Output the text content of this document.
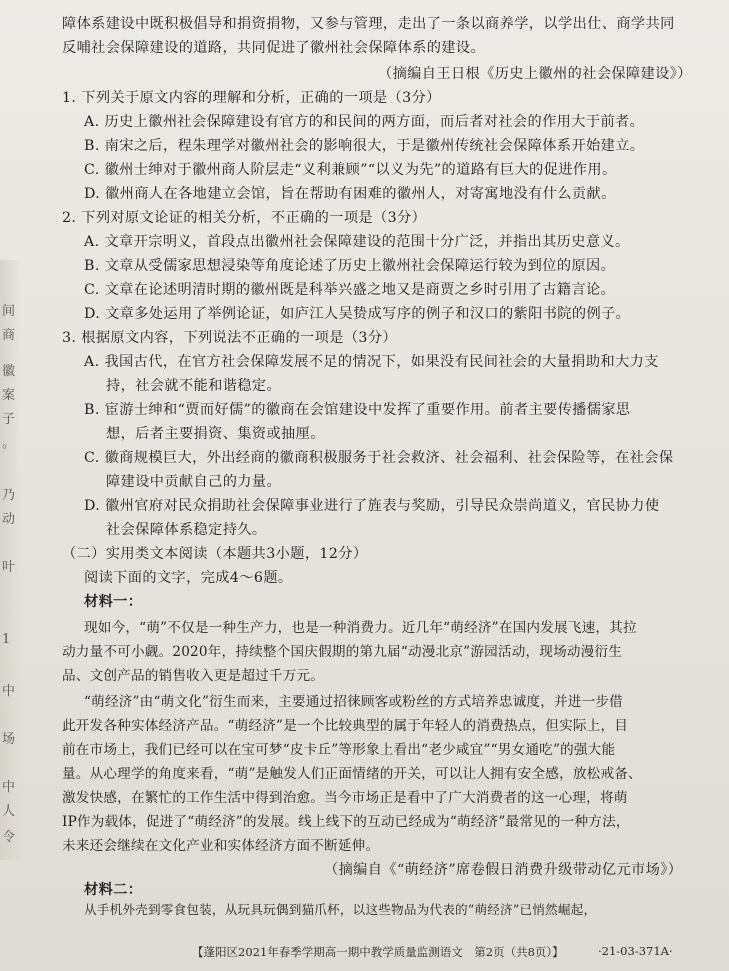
间
商
徽
案
子
。
乃
动
叶
1
中
场
中
人
令
障体系建设中既积极倡导和捐资捐物，又参与管理，走出了一条以商养学，以学出仕、商学共同
反哺社会保障建设的道路，共同促进了徽州社会保障体系的建设。
（摘编自王日根《历史上徽州的社会保障建设》）
1. 下列关于原文内容的理解和分析，正确的一项是（3分）
A. 历史上徽州社会保障建设有官方的和民间的两方面，而后者对社会的作用大于前者。
B. 南宋之后，程朱理学对徽州社会的影响很大，于是徽州传统社会保障体系开始建立。
C. 徽州士绅对于徽州商人阶层走“义利兼顾”“以义为先”的道路有巨大的促进作用。
D. 徽州商人在各地建立会馆，旨在帮助有困难的徽州人，对寄寓地没有什么贡献。
2. 下列对原文论证的相关分析，不正确的一项是（3分）
A. 文章开宗明义，首段点出徽州社会保障建设的范围十分广泛，并指出其历史意义。
B. 文章从受儒家思想浸染等角度论述了历史上徽州社会保障运行较为到位的原因。
C. 文章在论述明清时期的徽州既是科举兴盛之地又是商贾之乡时引用了古籍言论。
D. 文章多处运用了举例论证，如庐江人吴贽成写序的例子和汉口的紫阳书院的例子。
3. 根据原文内容，下列说法不正确的一项是（3分）
A. 我国古代，在官方社会保障发展不足的情况下，如果没有民间社会的大量捐助和大力支
持，社会就不能和谐稳定。
B. 宦游士绅和“贾而好儒”的徽商在会馆建设中发挥了重要作用。前者主要传播儒家思
想，后者主要捐资、集资或抽厘。
C. 徽商规模巨大，外出经商的徽商积极服务于社会救济、社会福利、社会保险等，在社会保
障建设中贡献自己的力量。
D. 徽州官府对民众捐助社会保障事业进行了旌表与奖励，引导民众崇尚道义，官民协力使
社会保障体系稳定持久。
（二）实用类文本阅读（本题共3小题，12分）
阅读下面的文字，完成4～6题。
材料一：
现如今，“萌”不仅是一种生产力，也是一种消费力。近几年“萌经济”在国内发展飞速，其拉
动力量不可小觑。2020年，持续整个国庆假期的第九届“动漫北京”游园活动，现场动漫衍生
品、文创产品的销售收入更是超过千万元。
“萌经济”由“萌文化”衍生而来，主要通过招徕顾客或粉丝的方式培养忠诚度，并进一步借
此开发各种实体经济产品。“萌经济”是一个比较典型的属于年轻人的消费热点，但实际上，目
前在市场上，我们已经可以在宝可梦“皮卡丘”等形象上看出“老少咸宜”“男女通吃”的强大能
量。从心理学的角度来看，“萌”是触发人们正面情绪的开关，可以让人拥有安全感，放松戒备、
激发快感，在繁忙的工作生活中得到治愈。当今市场正是看中了广大消费者的这一心理，将萌
IP作为载体，促进了“萌经济”的发展。线上线下的互动已经成为“萌经济”最常见的一种方法，
未来还会继续在文化产业和实体经济方面不断延伸。
（摘编自《“萌经济”席卷假日消费升级带动亿元市场》）
材料二：
从手机外壳到零食包装，从玩具玩偶到猫爪杯，以这些物品为代表的“萌经济”已悄然崛起，
【蓬阳区2021年春季学期高一期中教学质量监测语文　第2页（共8页）】	·21-03-371A·
